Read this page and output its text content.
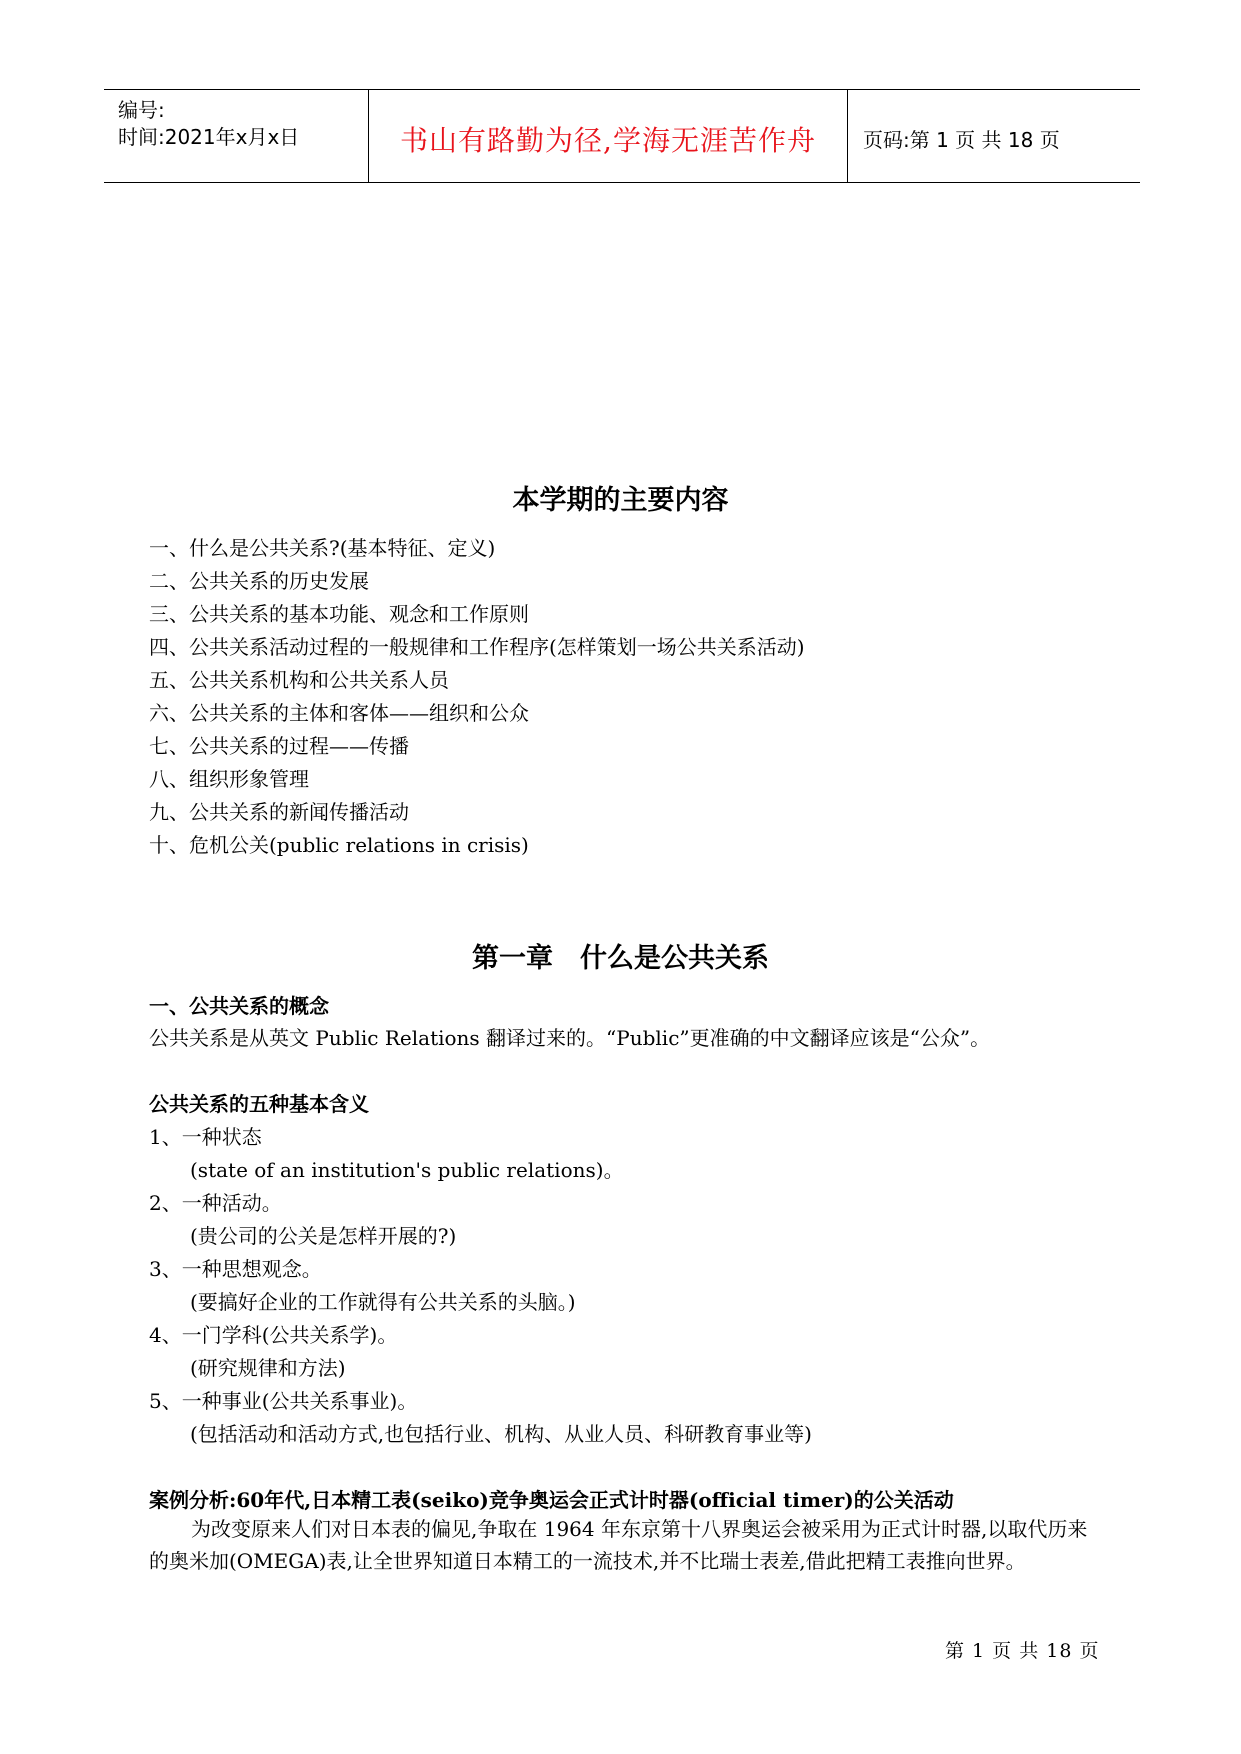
编号:
时间:2021年x月x日	书山有路勤为径,学海无涯苦作舟	页码:第 1 页 共 18 页
本学期的主要内容
一、什么是公共关系?(基本特征、定义)
二、公共关系的历史发展
三、公共关系的基本功能、观念和工作原则
四、公共关系活动过程的一般规律和工作程序(怎样策划一场公共关系活动)
五、公共关系机构和公共关系人员
六、公共关系的主体和客体——组织和公众
七、公共关系的过程——传播
八、组织形象管理
九、公共关系的新闻传播活动
十、危机公关(public relations in crisis)
第一章　什么是公共关系
一、公共关系的概念
公共关系是从英文 Public Relations 翻译过来的。“Public”更准确的中文翻译应该是“公众”。
公共关系的五种基本含义
1、一种状态
(state of an institution's public relations)。
2、一种活动。
(贵公司的公关是怎样开展的?)
3、一种思想观念。
(要搞好企业的工作就得有公共关系的头脑。)
4、一门学科(公共关系学)。
(研究规律和方法)
5、一种事业(公共关系事业)。
(包括活动和活动方式,也包括行业、机构、从业人员、科研教育事业等)
案例分析:60年代,日本精工表(seiko)竞争奥运会正式计时器(official timer)的公关活动
为改变原来人们对日本表的偏见,争取在 1964 年东京第十八界奥运会被采用为正式计时器,以取代历来的奥米加(OMEGA)表,让全世界知道日本精工的一流技术,并不比瑞士表差,借此把精工表推向世界。
第 1 页 共 18 页
